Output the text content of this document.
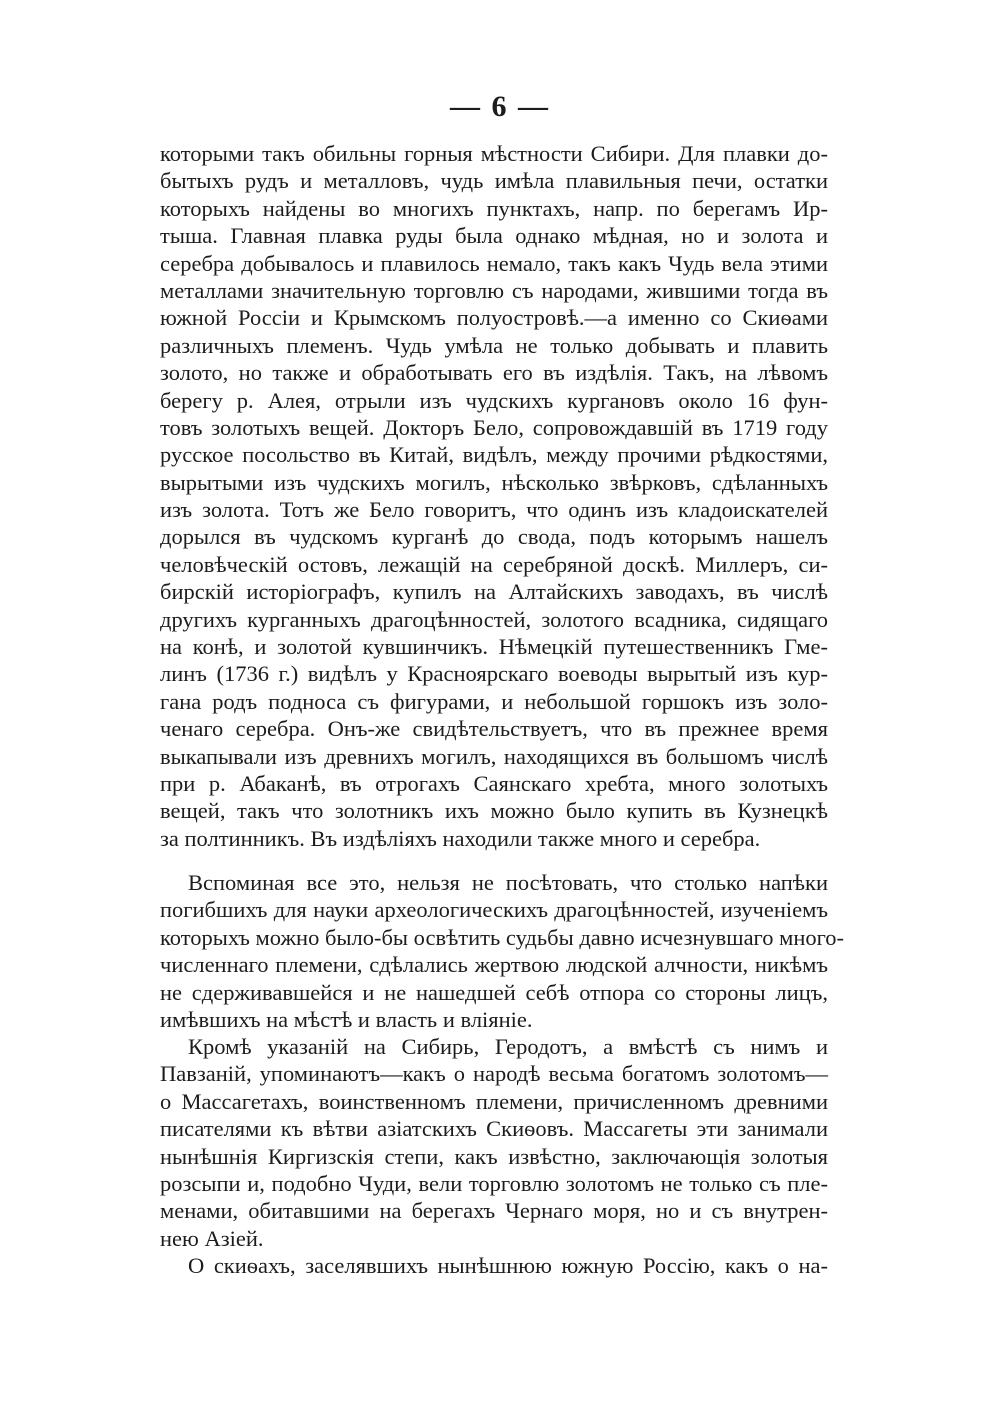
— 6 —
которыми такъ обильны горныя мѣстности Сибири. Для плавки до-
бытыхъ рудъ и металловъ, чудь имѣла плавильныя печи, остатки
которыхъ найдены во многихъ пунктахъ, напр. по берегамъ Ир-
тыша. Главная плавка руды была однако мѣдная, но и золота и
серебра добывалось и плавилось немало, такъ какъ Чудь вела этими
металлами значительную торговлю съ народами, жившими тогда въ
южной Россіи и Крымскомъ полуостровѣ.—а именно со Скиѳами
различныхъ племенъ. Чудь умѣла не только добывать и плавить
золото, но также и обработывать его въ издѣлія. Такъ, на лѣвомъ
берегу р. Алея, отрыли изъ чудскихъ кургановъ около 16 фун-
товъ золотыхъ вещей. Докторъ Бело, сопровождавшій въ 1719 году
русское посольство въ Китай, видѣлъ, между прочими рѣдкостями,
вырытыми изъ чудскихъ могилъ, нѣсколько звѣрковъ, сдѣланныхъ
изъ золота. Тотъ же Бело говоритъ, что одинъ изъ кладоискателей
дорылся въ чудскомъ курганѣ до свода, подъ которымъ нашелъ
человѣческій остовъ, лежащій на серебряной доскѣ. Миллеръ, си-
бирскій исторіографъ, купилъ на Алтайскихъ заводахъ, въ числѣ
другихъ курганныхъ драгоцѣнностей, золотого всадника, сидящаго
на конѣ, и золотой кувшинчикъ. Нѣмецкій путешественникъ Гме-
линъ (1736 г.) видѣлъ у Красноярскаго воеводы вырытый изъ кур-
гана родъ подноса съ фигурами, и небольшой горшокъ изъ золо-
ченаго серебра. Онъ-же свидѣтельствуетъ, что въ прежнее время
выкапывали изъ древнихъ могилъ, находящихся въ большомъ числѣ
при р. Абаканѣ, въ отрогахъ Саянскаго хребта, много золотыхъ
вещей, такъ что золотникъ ихъ можно было купить въ Кузнецкѣ
за полтинникъ. Въ издѣліяхъ находили также много и серебра.
Вспоминая все это, нельзя не посѣтовать, что столько напѣки
погибшихъ для науки археологическихъ драгоцѣнностей, изученіемъ
которыхъ можно было-бы освѣтить судьбы давно исчезнувшаго много-
численнаго племени, сдѣлались жертвою людской алчности, никѣмъ
не сдерживавшейся и не нашедшей себѣ отпора со стороны лицъ,
имѣвшихъ на мѣстѣ и власть и вліяніе.
Кромѣ указаній на Сибирь, Геродотъ, а вмѣстѣ съ нимъ и
Павзаній, упоминаютъ—какъ о народѣ весьма богатомъ золотомъ—
о Массагетахъ, воинственномъ племени, причисленномъ древними
писателями къ вѣтви азіатскихъ Скиѳовъ. Массагеты эти занимали
нынѣшнія Киргизскія степи, какъ извѣстно, заключающія золотыя
розсыпи и, подобно Чуди, вели торговлю золотомъ не только съ пле-
менами, обитавшими на берегахъ Чернаго моря, но и съ внутрен-
нею Азіей.
О скиѳахъ, заселявшихъ нынѣшнюю южную Россію, какъ о на-
